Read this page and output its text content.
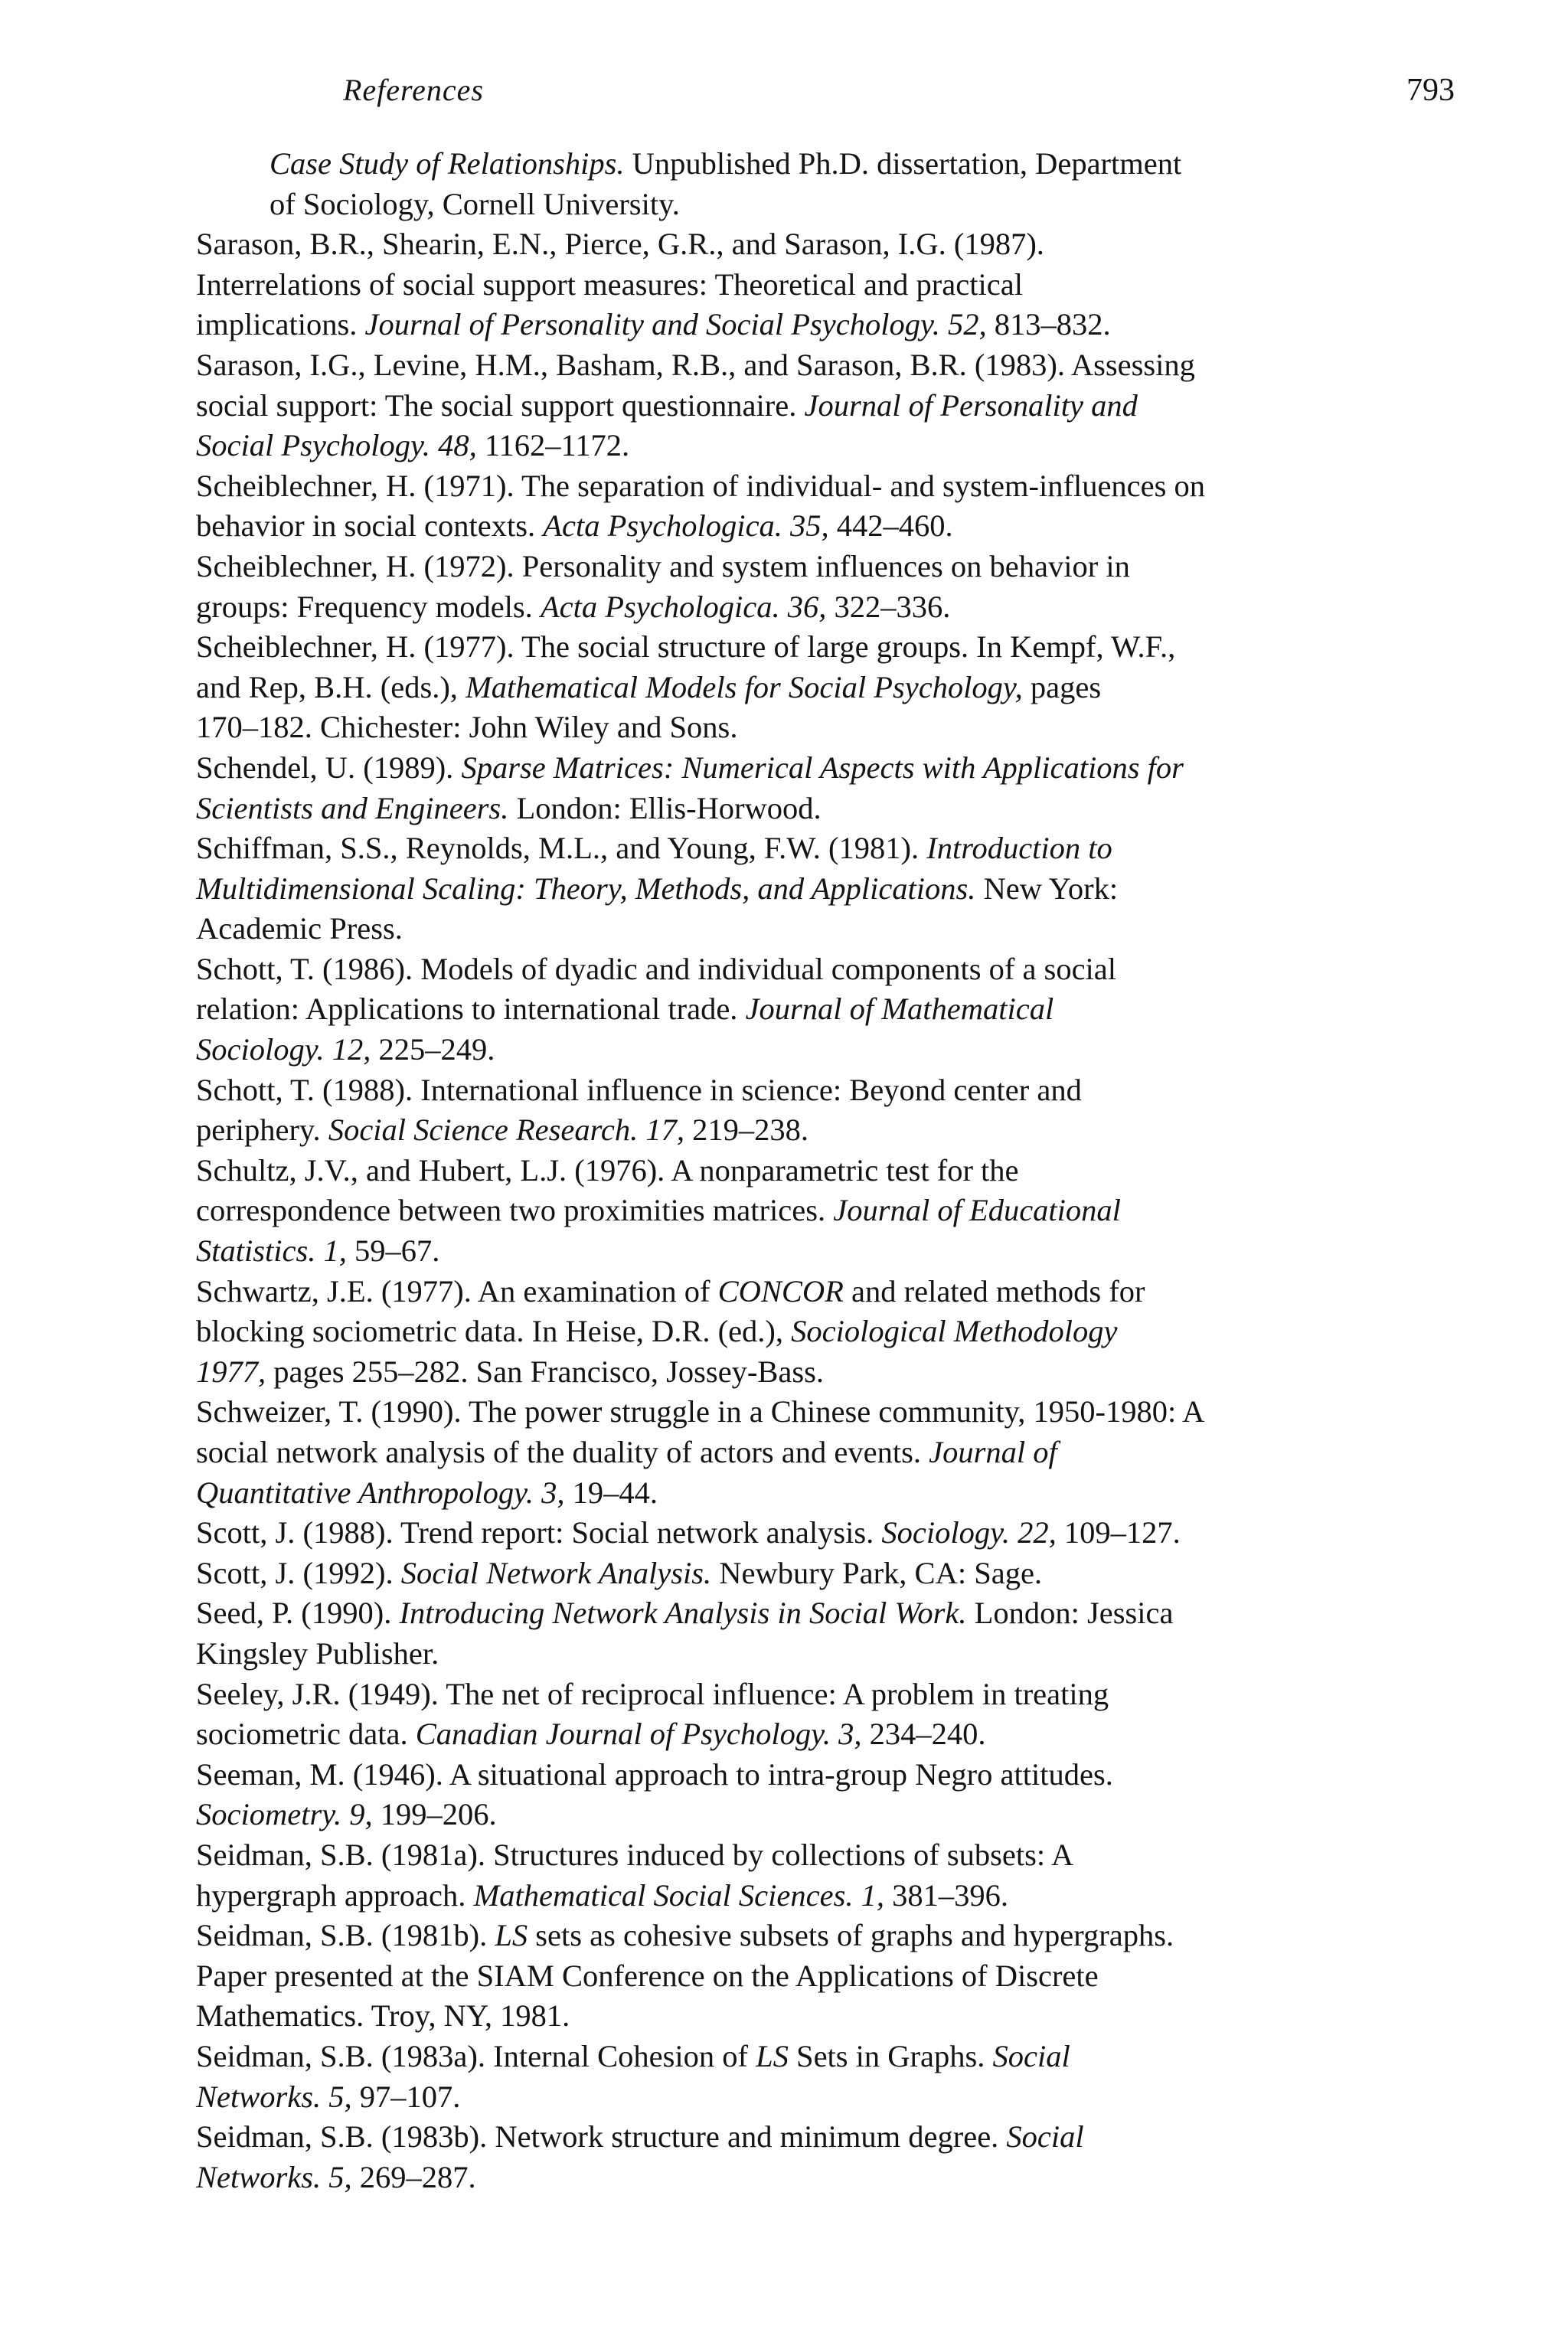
References	793

Case Study of Relationships. Unpublished Ph.D. dissertation, Department
of Sociology, Cornell University.

Sarason, B.R., Shearin, E.N., Pierce, G.R., and Sarason, I.G. (1987).
Interrelations of social support measures: Theoretical and practical
implications. Journal of Personality and Social Psychology. 52, 813–832.

Sarason, I.G., Levine, H.M., Basham, R.B., and Sarason, B.R. (1983). Assessing
social support: The social support questionnaire. Journal of Personality and
Social Psychology. 48, 1162–1172.

Scheiblechner, H. (1971). The separation of individual- and system-influences on
behavior in social contexts. Acta Psychologica. 35, 442–460.

Scheiblechner, H. (1972). Personality and system influences on behavior in
groups: Frequency models. Acta Psychologica. 36, 322–336.

Scheiblechner, H. (1977). The social structure of large groups. In Kempf, W.F.,
and Rep, B.H. (eds.), Mathematical Models for Social Psychology, pages
170–182. Chichester: John Wiley and Sons.

Schendel, U. (1989). Sparse Matrices: Numerical Aspects with Applications for
Scientists and Engineers. London: Ellis-Horwood.

Schiffman, S.S., Reynolds, M.L., and Young, F.W. (1981). Introduction to
Multidimensional Scaling: Theory, Methods, and Applications. New York:
Academic Press.

Schott, T. (1986). Models of dyadic and individual components of a social
relation: Applications to international trade. Journal of Mathematical
Sociology. 12, 225–249.

Schott, T. (1988). International influence in science: Beyond center and
periphery. Social Science Research. 17, 219–238.

Schultz, J.V., and Hubert, L.J. (1976). A nonparametric test for the
correspondence between two proximities matrices. Journal of Educational
Statistics. 1, 59–67.

Schwartz, J.E. (1977). An examination of CONCOR and related methods for
blocking sociometric data. In Heise, D.R. (ed.), Sociological Methodology
1977, pages 255–282. San Francisco, Jossey-Bass.

Schweizer, T. (1990). The power struggle in a Chinese community, 1950-1980: A
social network analysis of the duality of actors and events. Journal of
Quantitative Anthropology. 3, 19–44.

Scott, J. (1988). Trend report: Social network analysis. Sociology. 22, 109–127.

Scott, J. (1992). Social Network Analysis. Newbury Park, CA: Sage.

Seed, P. (1990). Introducing Network Analysis in Social Work. London: Jessica
Kingsley Publisher.

Seeley, J.R. (1949). The net of reciprocal influence: A problem in treating
sociometric data. Canadian Journal of Psychology. 3, 234–240.

Seeman, M. (1946). A situational approach to intra-group Negro attitudes.
Sociometry. 9, 199–206.

Seidman, S.B. (1981a). Structures induced by collections of subsets: A
hypergraph approach. Mathematical Social Sciences. 1, 381–396.

Seidman, S.B. (1981b). LS sets as cohesive subsets of graphs and hypergraphs.
Paper presented at the SIAM Conference on the Applications of Discrete
Mathematics. Troy, NY, 1981.

Seidman, S.B. (1983a). Internal Cohesion of LS Sets in Graphs. Social
Networks. 5, 97–107.

Seidman, S.B. (1983b). Network structure and minimum degree. Social
Networks. 5, 269–287.
